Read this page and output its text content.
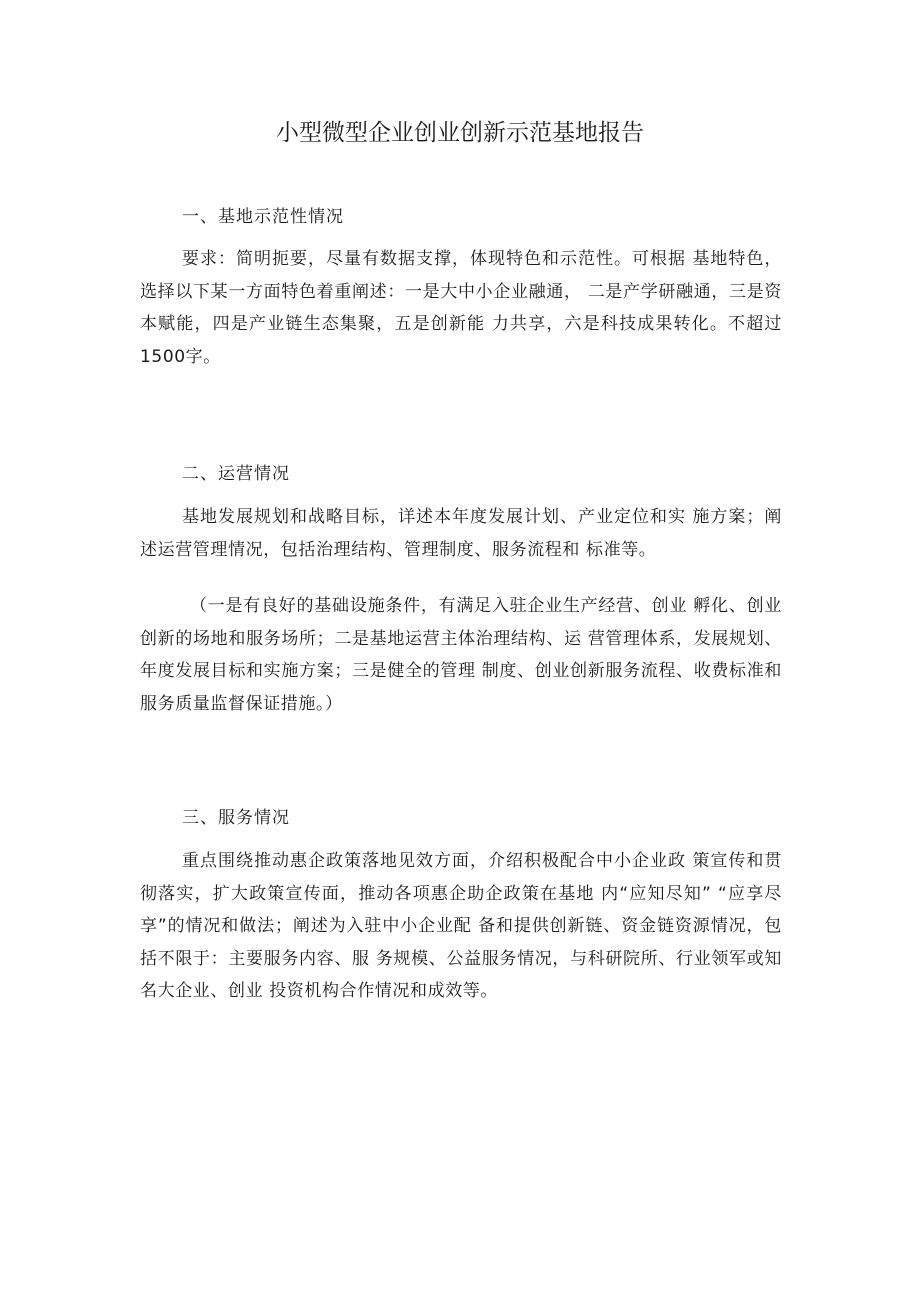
小型微型企业创业创新示范基地报告
一、基地示范性情况

要求：简明扼要，尽量有数据支撑，体现特色和示范性。可根据 基地特色，选择以下某一方面特色着重阐述：一是大中小企业融通， 二是产学研融通，三是资本赋能，四是产业链生态集聚，五是创新能 力共享，六是科技成果转化。不超过1500字。

二、运营情况

基地发展规划和战略目标，详述本年度发展计划、产业定位和实 施方案；阐述运营管理情况，包括治理结构、管理制度、服务流程和 标准等。

（一是有良好的基础设施条件，有满足入驻企业生产经营、创业 孵化、创业创新的场地和服务场所；二是基地运营主体治理结构、运 营管理体系，发展规划、年度发展目标和实施方案；三是健全的管理 制度、创业创新服务流程、收费标准和服务质量监督保证措施。）

三、服务情况

重点围绕推动惠企政策落地见效方面，介绍积极配合中小企业政 策宣传和贯彻落实，扩大政策宣传面，推动各项惠企助企政策在基地 内“应知尽知” “应享尽享”的情况和做法；阐述为入驻中小企业配 备和提供创新链、资金链资源情况，包括不限于：主要服务内容、服 务规模、公益服务情况，与科研院所、行业领军或知名大企业、创业 投资机构合作情况和成效等。
